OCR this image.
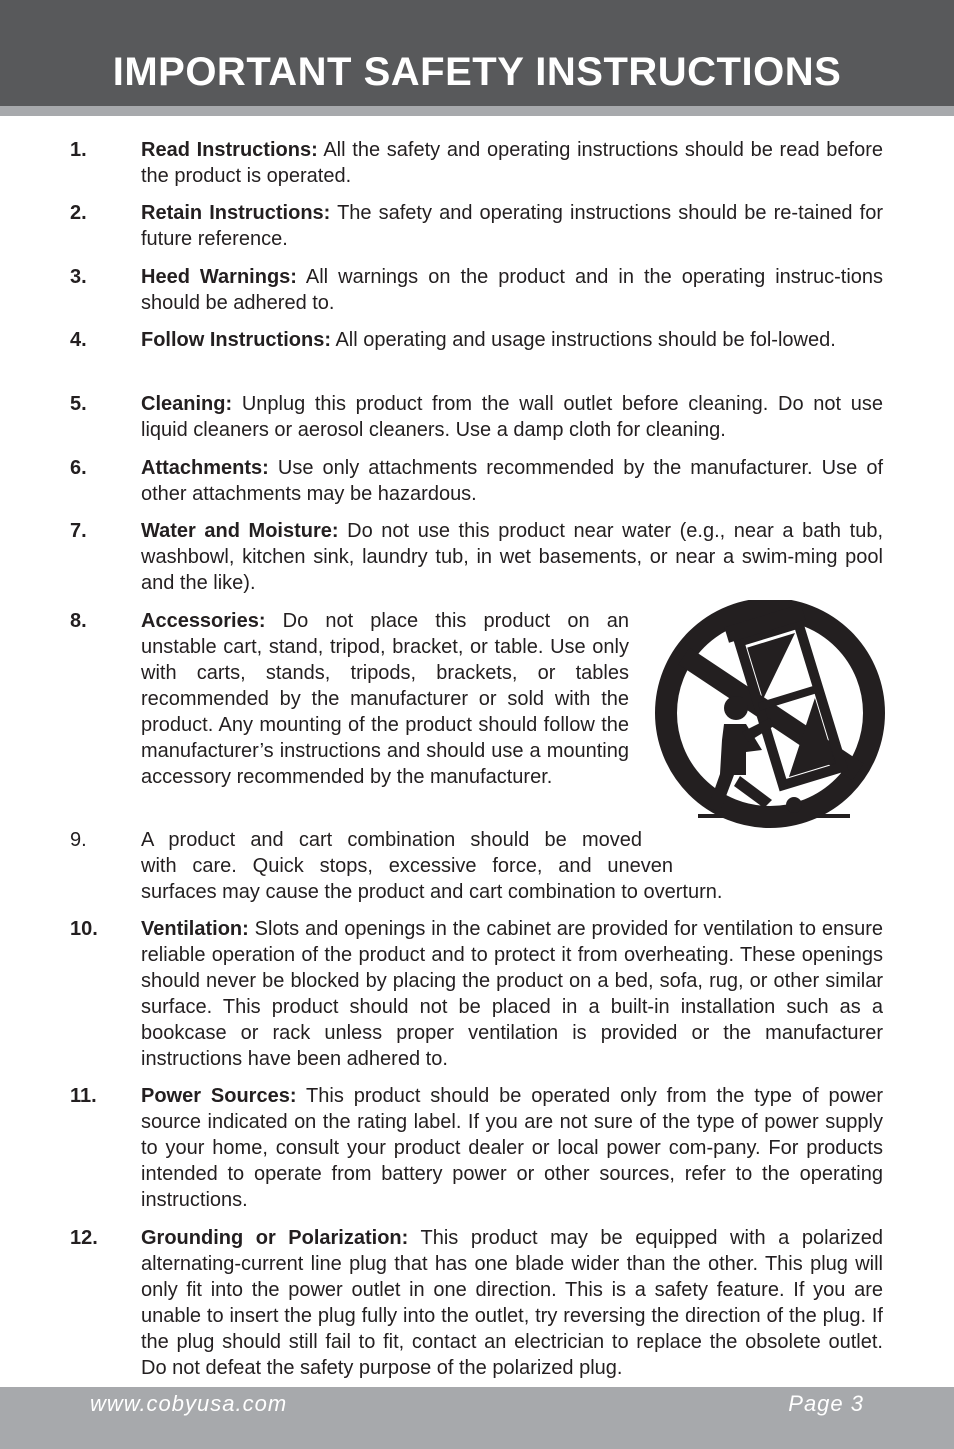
IMPORTANT SAFETY INSTRUCTIONS
1.	Read Instructions: All the safety and operating instructions should be read before the product is operated.
2.	Retain Instructions: The safety and operating instructions should be re-tained for future reference.
3.	Heed Warnings: All warnings on the product and in the operating instruc-tions should be adhered to.
4.	Follow Instructions: All operating and usage instructions should be fol-lowed.
5.	Cleaning: Unplug this product from the wall outlet before cleaning. Do not use liquid cleaners or aerosol cleaners. Use a damp cloth for cleaning.
6.	Attachments: Use only attachments recommended by the manufacturer. Use of other attachments may be hazardous.
7.	Water and Moisture: Do not use this product near water (e.g., near a bath tub, washbowl, kitchen sink, laundry tub, in wet basements, or near a swim-ming pool and the like).
8.	Accessories: Do not place this product on an unstable cart, stand, tripod, bracket, or table. Use only with carts, stands, tripods, brackets, or tables recommended by the manufacturer or sold with the product. Any mounting of the product should follow the manufacturer’s instructions and should use a mounting accessory recommended by the manufacturer.
9.	A product and cart combination should be moved
with care. Quick stops, excessive force, and uneven
surfaces may cause the product and cart combination to overturn.
10. Ventilation: Slots and openings in the cabinet are provided for ventilation to ensure reliable operation of the product and to protect it from overheating. These openings should never be blocked by placing the product on a bed, sofa, rug, or other similar surface. This product should not be placed in a built-in installation such as a bookcase or rack unless proper ventilation is provided or the manufacturer instructions have been adhered to.
11. Power Sources: This product should be operated only from the type of power source indicated on the rating label. If you are not sure of the type of power supply to your home, consult your product dealer or local power com-pany. For products intended to operate from battery power or other sources, refer to the operating instructions.
12. Grounding or Polarization: This product may be equipped with a polarized alternating-current line plug that has one blade wider than the other. This plug will only fit into the power outlet in one direction. This is a safety feature. If you are unable to insert the plug fully into the outlet, try reversing the direction of the plug. If the plug should still fail to fit, contact an electrician to replace the obsolete outlet. Do not defeat the safety purpose of the polarized plug.
www.cobyusa.com	Page 3
